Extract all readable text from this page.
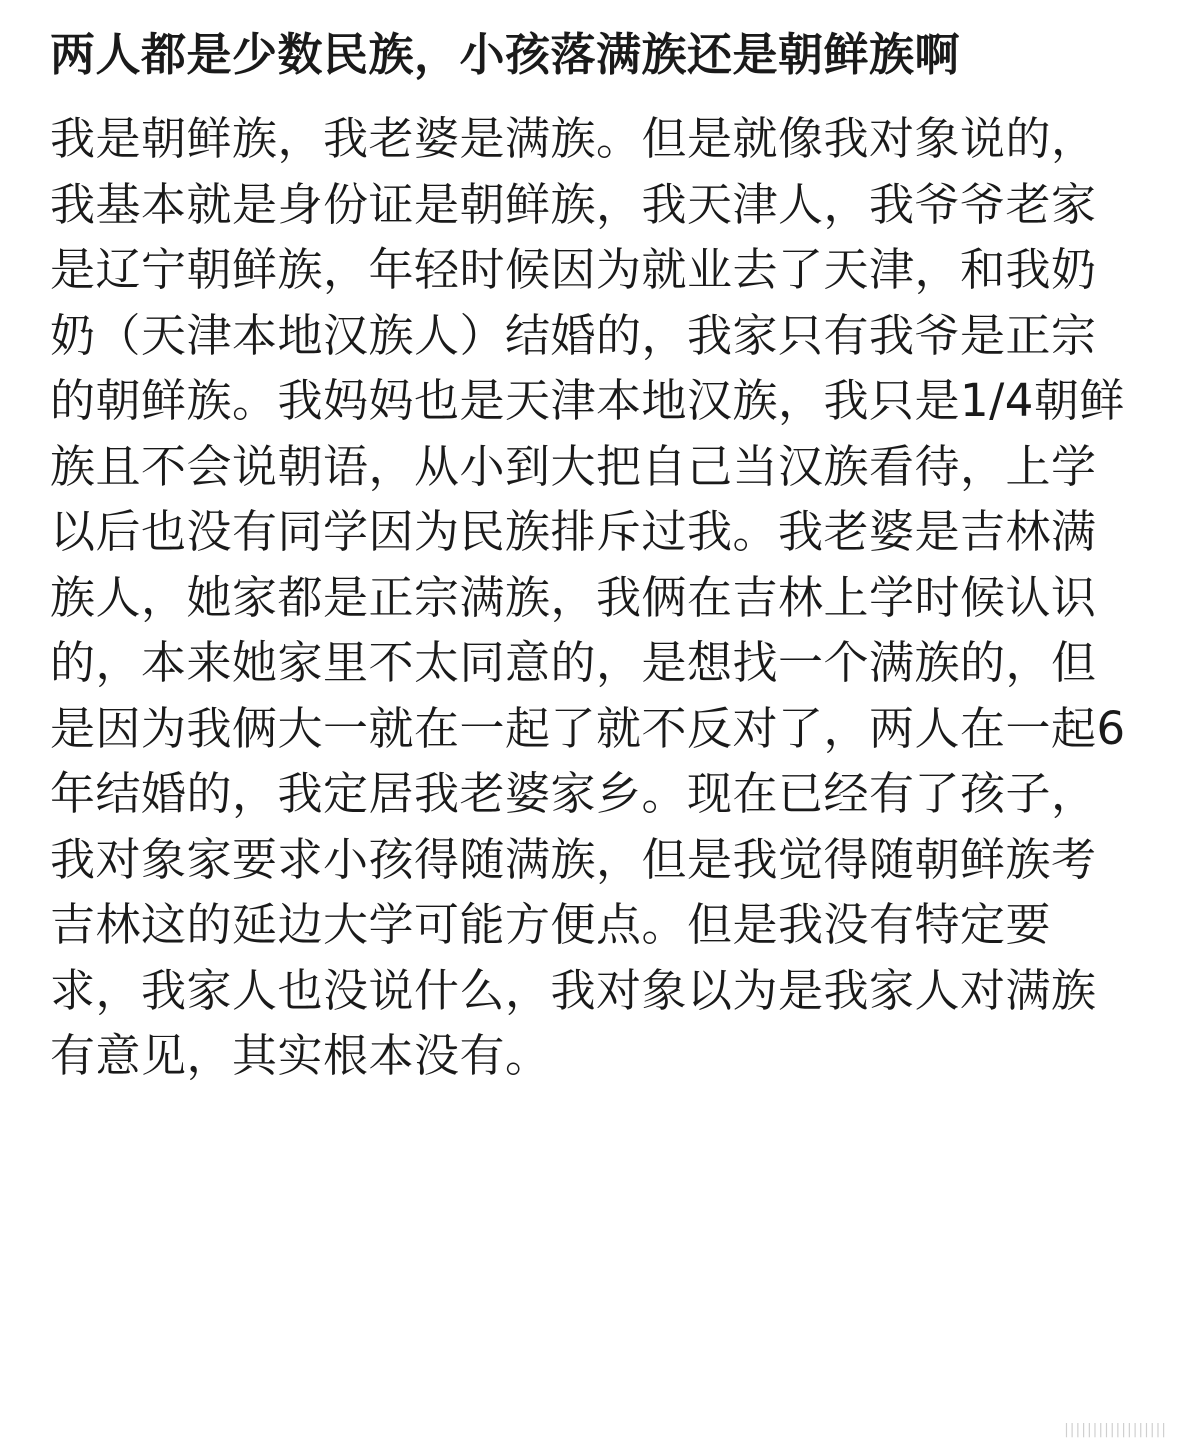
两人都是少数民族，小孩落满族还是朝鲜族啊

我是朝鲜族，我老婆是满族。但是就像我对象说的，我基本就是身份证是朝鲜族，我天津人，我爷爷老家是辽宁朝鲜族，年轻时候因为就业去了天津，和我奶奶（天津本地汉族人）结婚的，我家只有我爷是正宗的朝鲜族。我妈妈也是天津本地汉族，我只是1/4朝鲜族且不会说朝语，从小到大把自己当汉族看待，上学以后也没有同学因为民族排斥过我。我老婆是吉林满族人，她家都是正宗满族，我俩在吉林上学时候认识的，本来她家里不太同意的，是想找一个满族的，但是因为我俩大一就在一起了就不反对了，两人在一起6年结婚的，我定居我老婆家乡。现在已经有了孩子，我对象家要求小孩得随满族，但是我觉得随朝鲜族考吉林这的延边大学可能方便点。但是我没有特定要求，我家人也没说什么，我对象以为是我家人对满族有意见，其实根本没有。

||||||||||||||||||
